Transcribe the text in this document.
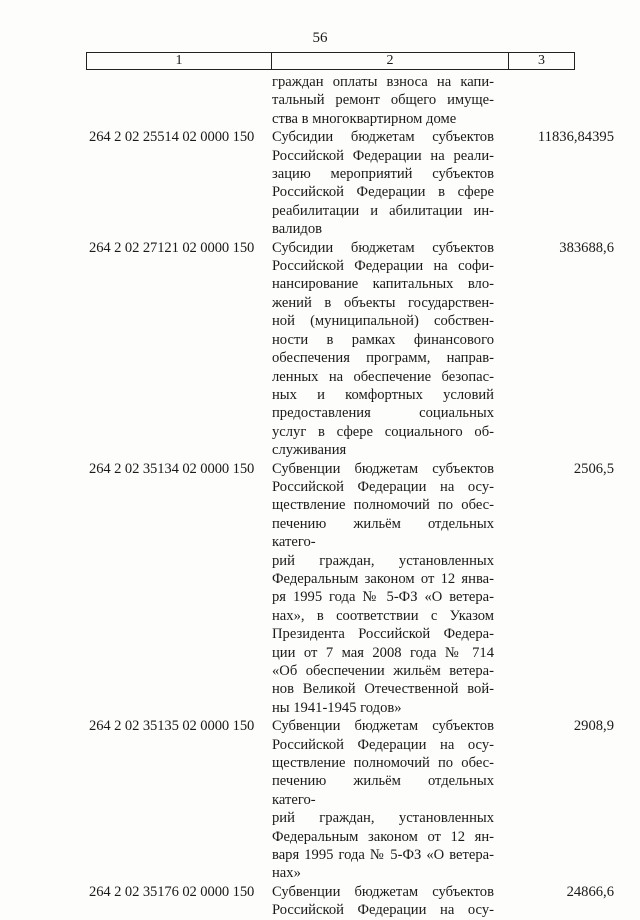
56
1	2	3
граждан оплаты взноса на капи-
тальный ремонт общего имуще-
ства в многоквартирном доме
264 2 02 25514 02 0000 150	Субсидии бюджетам субъектов
Российской Федерации на реали-
зацию мероприятий субъектов
Российской Федерации в сфере
реабилитации и абилитации ин-
валидов
11836,84395
264 2 02 27121 02 0000 150	Субсидии бюджетам субъектов
Российской Федерации на софи-
нансирование капитальных вло-
жений в объекты государствен-
ной (муниципальной) собствен-
ности в рамках финансового
обеспечения программ, направ-
ленных на обеспечение безопас-
ных и комфортных условий
предоставления социальных
услуг в сфере социального об-
служивания
383688,6
264 2 02 35134 02 0000 150	Субвенции бюджетам субъектов
Российской Федерации на осу-
ществление полномочий по обес-
печению жильём отдельных катего-
рий граждан, установленных
Федеральным законом от 12 янва-
ря 1995 года № 5-ФЗ «О ветера-
нах», в соответствии с Указом
Президента Российской Федера-
ции от 7 мая 2008 года № 714
«Об обеспечении жильём ветера-
нов Великой Отечественной вой-
ны 1941-1945 годов»
2506,5
264 2 02 35135 02 0000 150	Субвенции бюджетам субъектов
Российской Федерации на осу-
ществление полномочий по обес-
печению жильём отдельных катего-
рий граждан, установленных
Федеральным законом от 12 ян-
варя 1995 года № 5-ФЗ «О ветера-
нах»
2908,9
264 2 02 35176 02 0000 150	Субвенции бюджетам субъектов
Российской Федерации на осу-
24866,6
